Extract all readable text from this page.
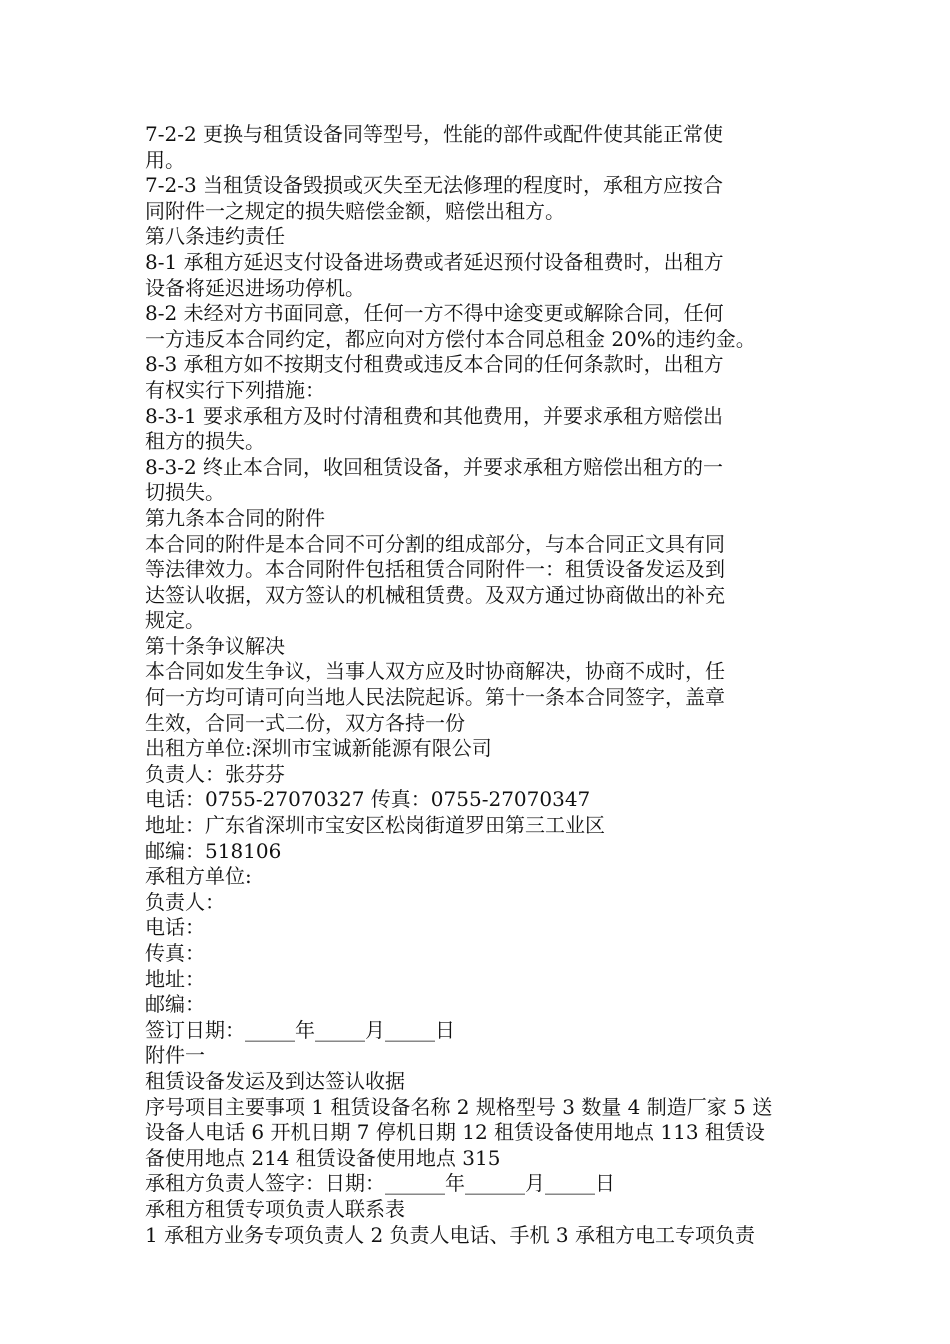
7-2-2 更换与租赁设备同等型号，性能的部件或配件使其能正常使
用。
7-2-3 当租赁设备毁损或灭失至无法修理的程度时，承租方应按合
同附件一之规定的损失赔偿金额，赔偿出租方。
第八条违约责任
8-1 承租方延迟支付设备进场费或者延迟预付设备租费时，出租方
设备将延迟进场功停机。
8-2 未经对方书面同意，任何一方不得中途变更或解除合同，任何
一方违反本合同约定，都应向对方偿付本合同总租金 20%的违约金。
8-3 承租方如不按期支付租费或违反本合同的任何条款时，出租方
有权实行下列措施：
8-3-1 要求承租方及时付清租费和其他费用，并要求承租方赔偿出
租方的损失。
8-3-2 终止本合同，收回租赁设备，并要求承租方赔偿出租方的一
切损失。
第九条本合同的附件
本合同的附件是本合同不可分割的组成部分，与本合同正文具有同
等法律效力。本合同附件包括租赁合同附件一：租赁设备发运及到
达签认收据，双方签认的机械租赁费。及双方通过协商做出的补充
规定。
第十条争议解决
本合同如发生争议，当事人双方应及时协商解决，协商不成时，任
何一方均可请可向当地人民法院起诉。第十一条本合同签字，盖章
生效，合同一式二份，双方各持一份
出租方单位:深圳市宝诚新能源有限公司
负责人：张芬芬
电话：0755-27070327 传真：0755-27070347
地址：广东省深圳市宝安区松岗街道罗田第三工业区
邮编：518106
承租方单位:
负责人：
电话：
传真：
地址：
邮编：
签订日期：_____年_____月_____日
附件一
租赁设备发运及到达签认收据
序号项目主要事项 1 租赁设备名称 2 规格型号 3 数量 4 制造厂家 5 送
设备人电话 6 开机日期 7 停机日期 12 租赁设备使用地点 113 租赁设
备使用地点 214 租赁设备使用地点 315
承租方负责人签字：日期：______年______月_____日
承租方租赁专项负责人联系表
1 承租方业务专项负责人 2 负责人电话、手机 3 承租方电工专项负责
